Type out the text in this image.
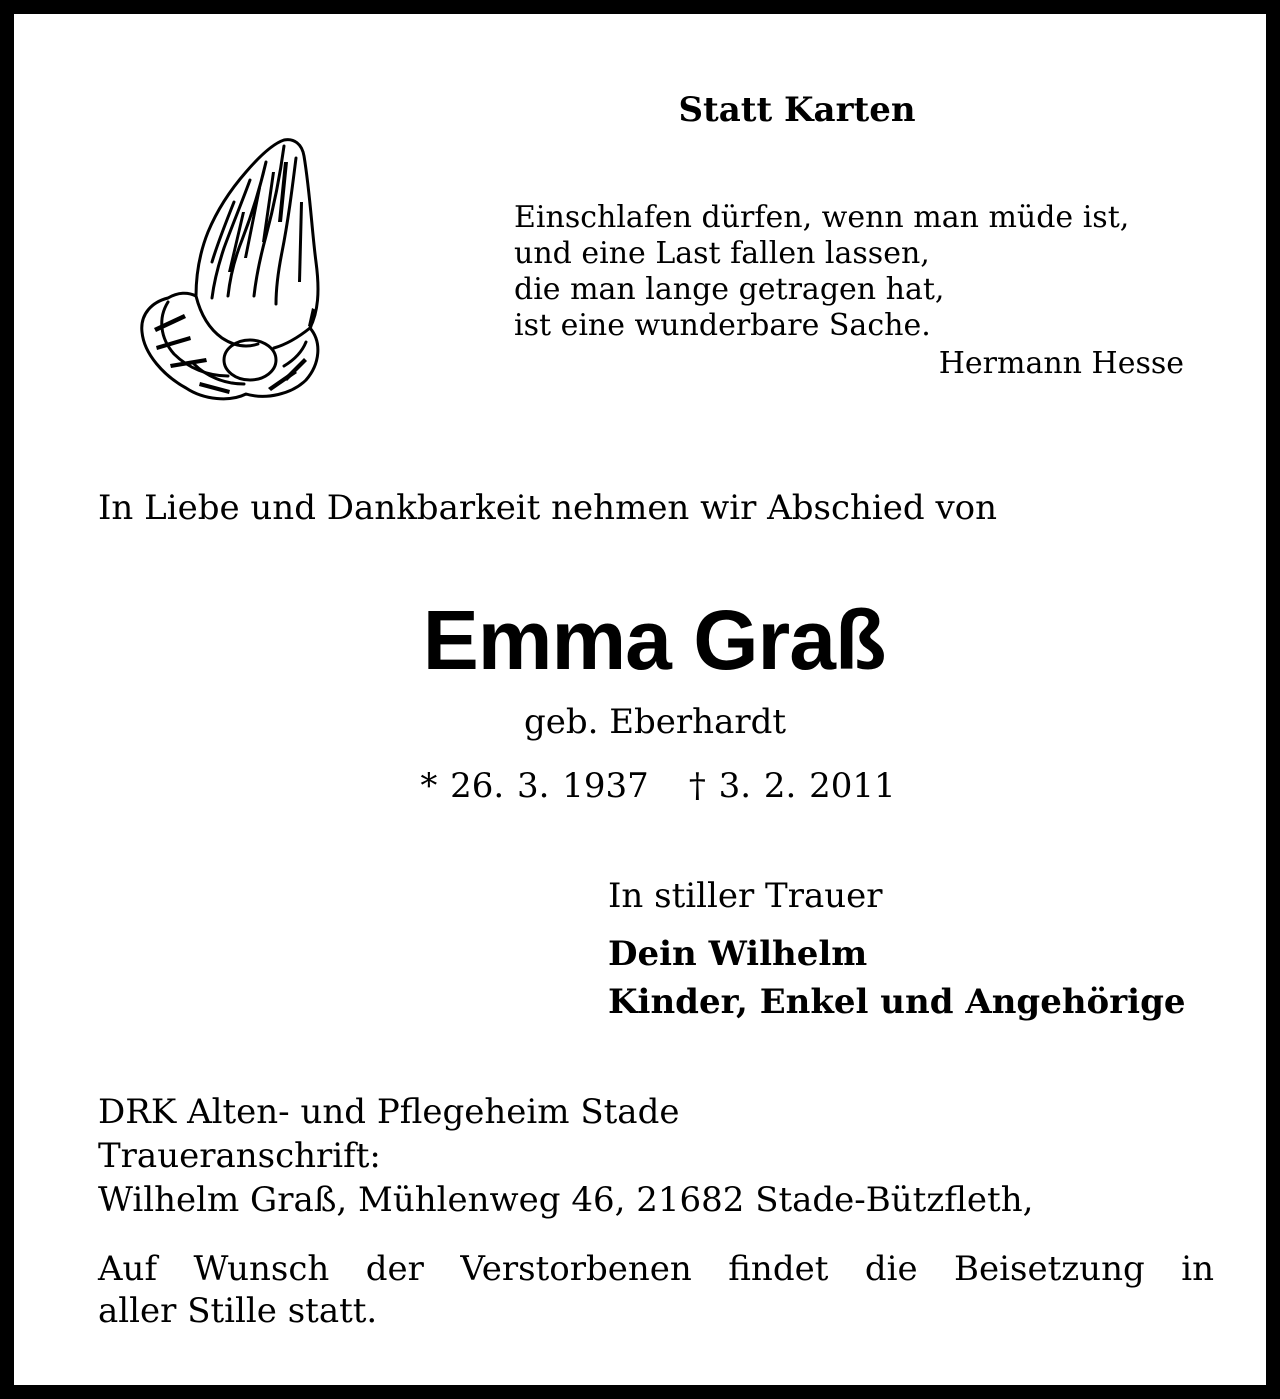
Statt Karten
Einschlafen dürfen, wenn man müde ist,
und eine Last fallen lassen,
die man lange getragen hat,
ist eine wunderbare Sache.
Hermann Hesse
In Liebe und Dankbarkeit nehmen wir Abschied von
Emma Graß
geb. Eberhardt
* 26. 3. 1937 † 3. 2. 2011
In stiller Trauer
Dein Wilhelm
Kinder, Enkel und Angehörige
DRK Alten- und Pflegeheim Stade
Traueranschrift:
Wilhelm Graß, Mühlenweg 46, 21682 Stade-Bützfleth,
Auf Wunsch der Verstorbenen findet die Beisetzung in
aller Stille statt.
